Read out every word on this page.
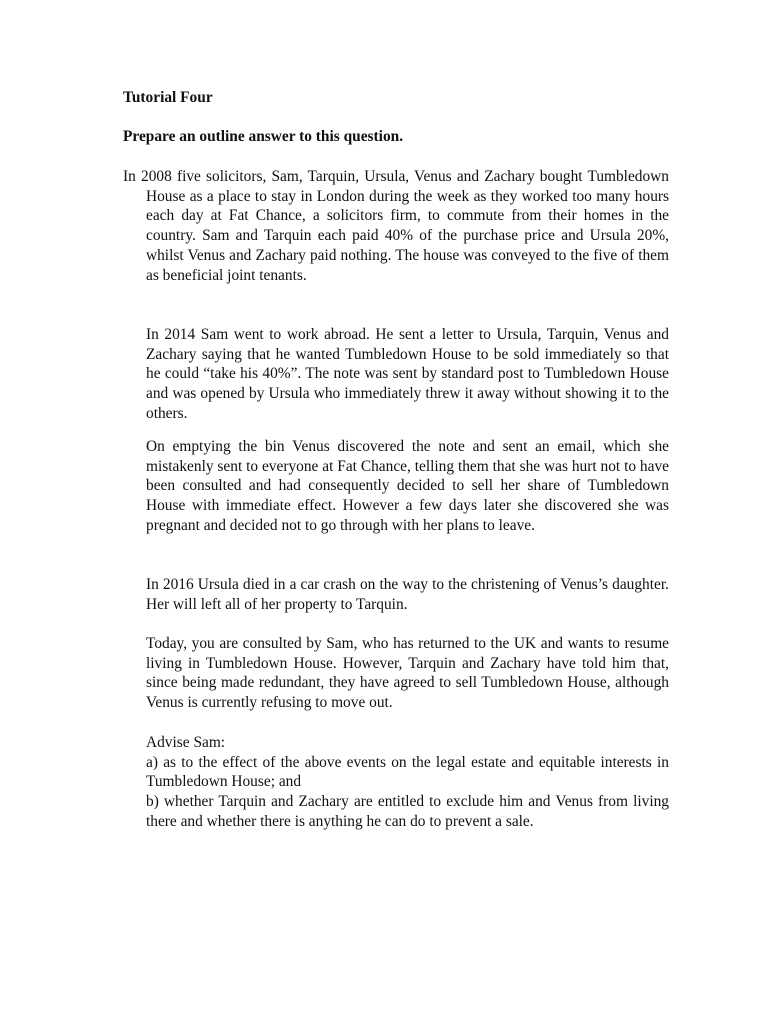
Tutorial Four

Prepare an outline answer to this question.

In 2008 five solicitors, Sam, Tarquin, Ursula, Venus and Zachary bought Tumbledown House as a place to stay in London during the week as they worked too many hours each day at Fat Chance, a solicitors firm, to commute from their homes in the country. Sam and Tarquin each paid 40% of the purchase price and Ursula 20%, whilst Venus and Zachary paid nothing. The house was conveyed to the five of them as beneficial joint tenants.

In 2014 Sam went to work abroad. He sent a letter to Ursula, Tarquin, Venus and Zachary saying that he wanted Tumbledown House to be sold immediately so that he could “take his 40%”. The note was sent by standard post to Tumbledown House and was opened by Ursula who immediately threw it away without showing it to the others.

On emptying the bin Venus discovered the note and sent an email, which she mistakenly sent to everyone at Fat Chance, telling them that she was hurt not to have been consulted and had consequently decided to sell her share of Tumbledown House with immediate effect. However a few days later she discovered she was pregnant and decided not to go through with her plans to leave.

In 2016 Ursula died in a car crash on the way to the christening of Venus’s daughter. Her will left all of her property to Tarquin.

Today, you are consulted by Sam, who has returned to the UK and wants to resume living in Tumbledown House. However, Tarquin and Zachary have told him that, since being made redundant, they have agreed to sell Tumbledown House, although Venus is currently refusing to move out.

Advise Sam:
a) as to the effect of the above events on the legal estate and equitable interests in Tumbledown House; and
b) whether Tarquin and Zachary are entitled to exclude him and Venus from living there and whether there is anything he can do to prevent a sale.
